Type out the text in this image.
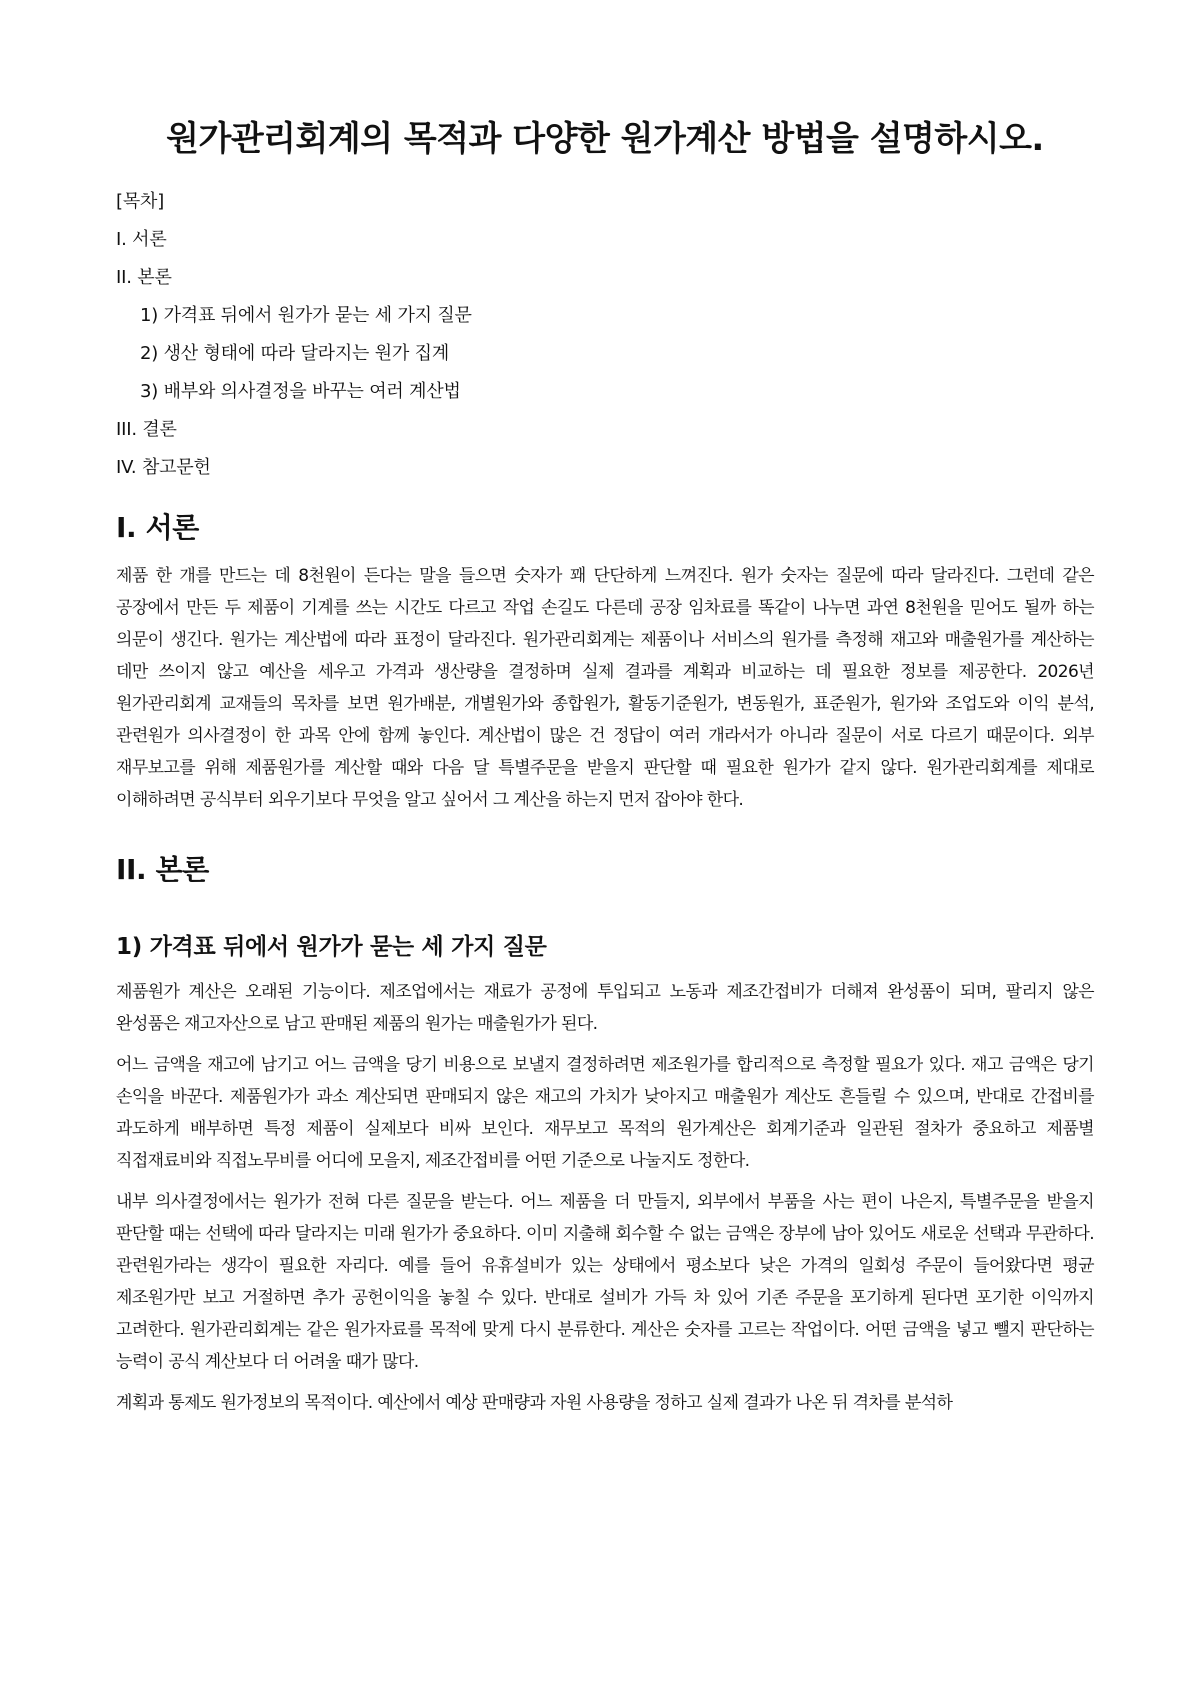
원가관리회계의 목적과 다양한 원가계산 방법을 설명하시오.
[목차]
I. 서론
II. 본론
1) 가격표 뒤에서 원가가 묻는 세 가지 질문
2) 생산 형태에 따라 달라지는 원가 집계
3) 배부와 의사결정을 바꾸는 여러 계산법
III. 결론
IV. 참고문헌
I. 서론

제품 한 개를 만드는 데 8천원이 든다는 말을 들으면 숫자가 꽤 단단하게 느껴진다. 원가 숫자는 질문에 따라 달라진다. 그런데 같은 공장에서 만든 두 제품이 기계를 쓰는 시간도 다르고 작업 손길도 다른데 공장 임차료를 똑같이 나누면 과연 8천원을 믿어도 될까 하는 의문이 생긴다. 원가는 계산법에 따라 표정이 달라진다. 원가관리회계는 제품이나 서비스의 원가를 측정해 재고와 매출원가를 계산하는 데만 쓰이지 않고 예산을 세우고 가격과 생산량을 결정하며 실제 결과를 계획과 비교하는 데 필요한 정보를 제공한다. 2026년 원가관리회계 교재들의 목차를 보면 원가배분, 개별원가와 종합원가, 활동기준원가, 변동원가, 표준원가, 원가와 조업도와 이익 분석, 관련원가 의사결정이 한 과목 안에 함께 놓인다. 계산법이 많은 건 정답이 여러 개라서가 아니라 질문이 서로 다르기 때문이다. 외부 재무보고를 위해 제품원가를 계산할 때와 다음 달 특별주문을 받을지 판단할 때 필요한 원가가 같지 않다. 원가관리회계를 제대로 이해하려면 공식부터 외우기보다 무엇을 알고 싶어서 그 계산을 하는지 먼저 잡아야 한다.

II. 본론
1) 가격표 뒤에서 원가가 묻는 세 가지 질문

제품원가 계산은 오래된 기능이다. 제조업에서는 재료가 공정에 투입되고 노동과 제조간접비가 더해져 완성품이 되며, 팔리지 않은 완성품은 재고자산으로 남고 판매된 제품의 원가는 매출원가가 된다.

어느 금액을 재고에 남기고 어느 금액을 당기 비용으로 보낼지 결정하려면 제조원가를 합리적으로 측정할 필요가 있다. 재고 금액은 당기 손익을 바꾼다. 제품원가가 과소 계산되면 판매되지 않은 재고의 가치가 낮아지고 매출원가 계산도 흔들릴 수 있으며, 반대로 간접비를 과도하게 배부하면 특정 제품이 실제보다 비싸 보인다. 재무보고 목적의 원가계산은 회계기준과 일관된 절차가 중요하고 제품별 직접재료비와 직접노무비를 어디에 모을지, 제조간접비를 어떤 기준으로 나눌지도 정한다.

내부 의사결정에서는 원가가 전혀 다른 질문을 받는다. 어느 제품을 더 만들지, 외부에서 부품을 사는 편이 나은지, 특별주문을 받을지 판단할 때는 선택에 따라 달라지는 미래 원가가 중요하다. 이미 지출해 회수할 수 없는 금액은 장부에 남아 있어도 새로운 선택과 무관하다. 관련원가라는 생각이 필요한 자리다. 예를 들어 유휴설비가 있는 상태에서 평소보다 낮은 가격의 일회성 주문이 들어왔다면 평균 제조원가만 보고 거절하면 추가 공헌이익을 놓칠 수 있다. 반대로 설비가 가득 차 있어 기존 주문을 포기하게 된다면 포기한 이익까지 고려한다. 원가관리회계는 같은 원가자료를 목적에 맞게 다시 분류한다. 계산은 숫자를 고르는 작업이다. 어떤 금액을 넣고 뺄지 판단하는 능력이 공식 계산보다 더 어려울 때가 많다.

계획과 통제도 원가정보의 목적이다. 예산에서 예상 판매량과 자원 사용량을 정하고 실제 결과가 나온 뒤 격차를 분석하
